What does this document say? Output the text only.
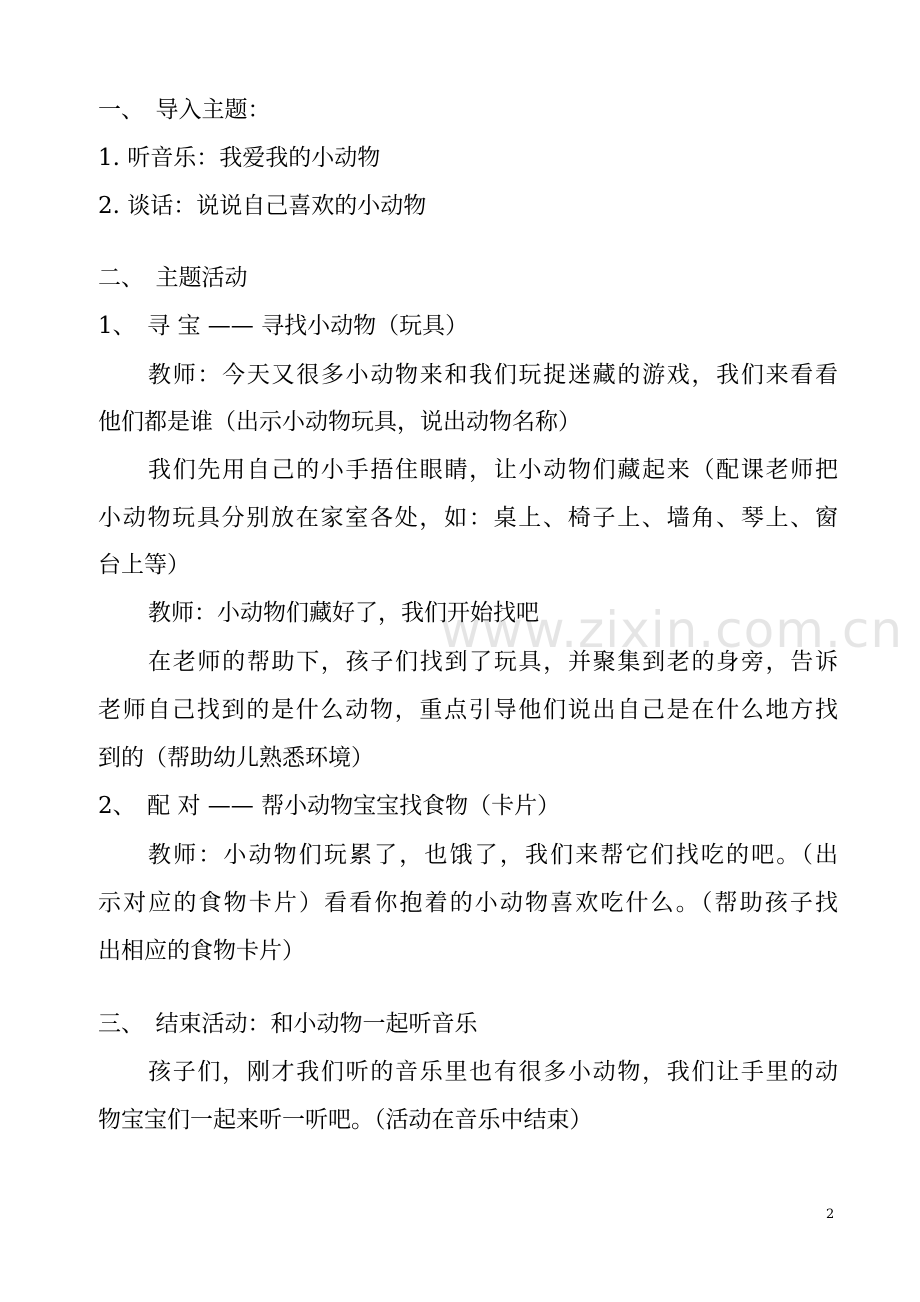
www.zixin.com.cn
一、　导入主题：
1. 听音乐：我爱我的小动物
2. 谈话：说说自己喜欢的小动物
二、　主题活动
1、　寻 宝 —— 寻找小动物（玩具）
教师：今天又很多小动物来和我们玩捉迷藏的游戏，我们来看看
他们都是谁（出示小动物玩具，说出动物名称）
我们先用自己的小手捂住眼睛，让小动物们藏起来（配课老师把
小动物玩具分别放在家室各处，如：桌上、椅子上、墙角、琴上、窗
台上等）
教师：小动物们藏好了，我们开始找吧
在老师的帮助下，孩子们找到了玩具，并聚集到老的身旁，告诉
老师自己找到的是什么动物，重点引导他们说出自己是在什么地方找
到的（帮助幼儿熟悉环境）
2、　配 对 —— 帮小动物宝宝找食物（卡片）
教师：小动物们玩累了，也饿了，我们来帮它们找吃的吧。（出
示对应的食物卡片）看看你抱着的小动物喜欢吃什么。（帮助孩子找
出相应的食物卡片）
三、　结束活动：和小动物一起听音乐
孩子们，刚才我们听的音乐里也有很多小动物，我们让手里的动
物宝宝们一起来听一听吧。（活动在音乐中结束）
2
